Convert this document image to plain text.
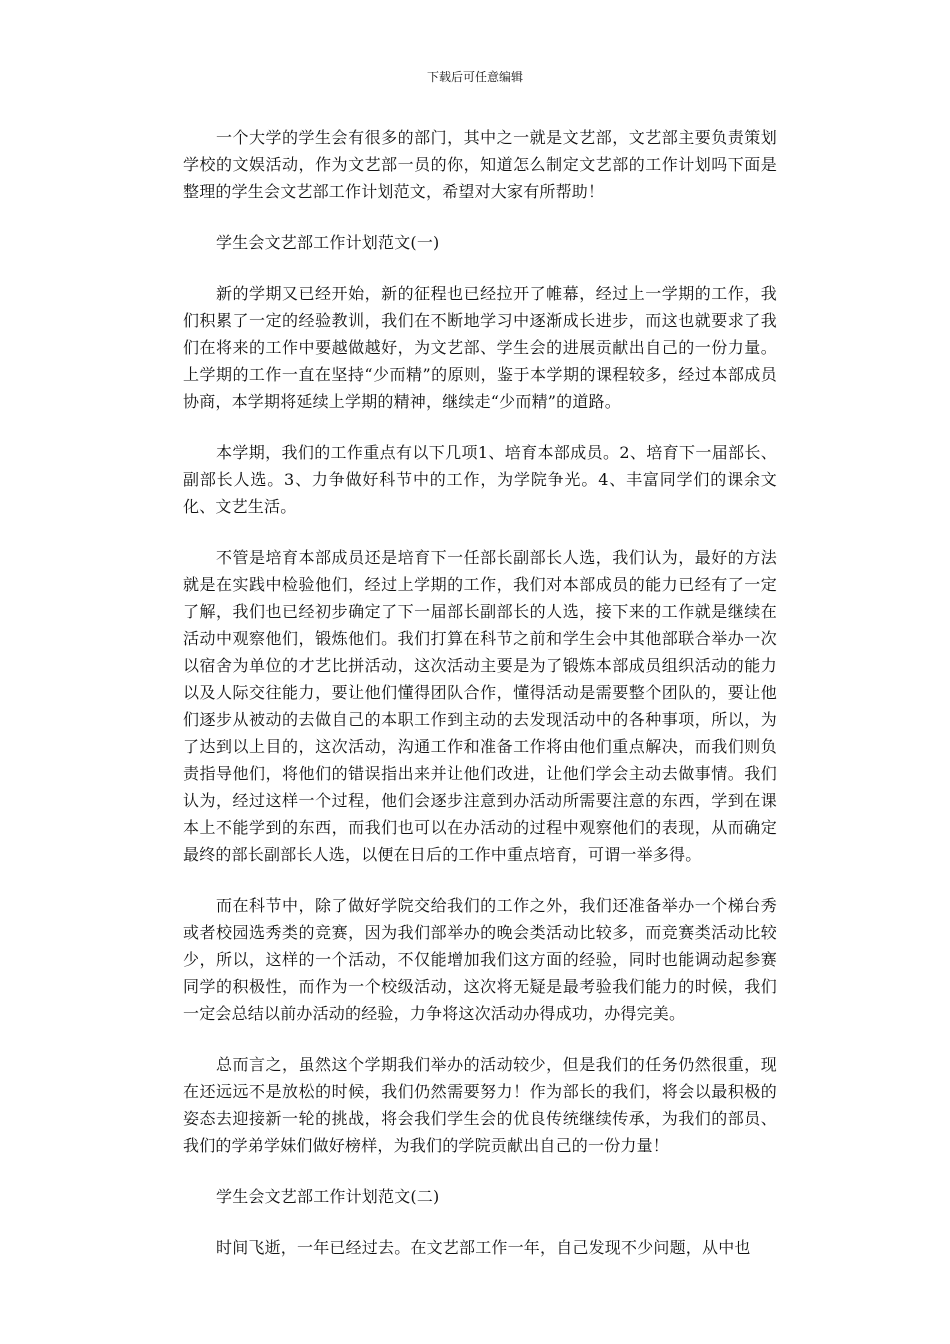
下载后可任意编辑

一个大学的学生会有很多的部门，其中之一就是文艺部，文艺部主要负责策划学校的文娱活动，作为文艺部一员的你，知道怎么制定文艺部的工作计划吗下面是整理的学生会文艺部工作计划范文，希望对大家有所帮助！

学生会文艺部工作计划范文(一)

新的学期又已经开始，新的征程也已经拉开了帷幕，经过上一学期的工作，我们积累了一定的经验教训，我们在不断地学习中逐渐成长进步，而这也就要求了我们在将来的工作中要越做越好，为文艺部、学生会的进展贡献出自己的一份力量。上学期的工作一直在坚持“少而精”的原则，鉴于本学期的课程较多，经过本部成员协商，本学期将延续上学期的精神，继续走“少而精”的道路。

本学期，我们的工作重点有以下几项1、培育本部成员。2、培育下一届部长、副部长人选。3、力争做好科节中的工作，为学院争光。4、丰富同学们的课余文化、文艺生活。

不管是培育本部成员还是培育下一任部长副部长人选，我们认为，最好的方法就是在实践中检验他们，经过上学期的工作，我们对本部成员的能力已经有了一定了解，我们也已经初步确定了下一届部长副部长的人选，接下来的工作就是继续在活动中观察他们，锻炼他们。我们打算在科节之前和学生会中其他部联合举办一次以宿舍为单位的才艺比拼活动，这次活动主要是为了锻炼本部成员组织活动的能力以及人际交往能力，要让他们懂得团队合作，懂得活动是需要整个团队的，要让他们逐步从被动的去做自己的本职工作到主动的去发现活动中的各种事项，所以，为了达到以上目的，这次活动，沟通工作和准备工作将由他们重点解决，而我们则负责指导他们，将他们的错误指出来并让他们改进，让他们学会主动去做事情。我们认为，经过这样一个过程，他们会逐步注意到办活动所需要注意的东西，学到在课本上不能学到的东西，而我们也可以在办活动的过程中观察他们的表现，从而确定最终的部长副部长人选，以便在日后的工作中重点培育，可谓一举多得。

而在科节中，除了做好学院交给我们的工作之外，我们还准备举办一个梯台秀或者校园选秀类的竞赛，因为我们部举办的晚会类活动比较多，而竞赛类活动比较少，所以，这样的一个活动，不仅能增加我们这方面的经验，同时也能调动起参赛同学的积极性，而作为一个校级活动，这次将无疑是最考验我们能力的时候，我们一定会总结以前办活动的经验，力争将这次活动办得成功，办得完美。

总而言之，虽然这个学期我们举办的活动较少，但是我们的任务仍然很重，现在还远远不是放松的时候，我们仍然需要努力！作为部长的我们，将会以最积极的姿态去迎接新一轮的挑战，将会我们学生会的优良传统继续传承，为我们的部员、我们的学弟学妹们做好榜样，为我们的学院贡献出自己的一份力量！

学生会文艺部工作计划范文(二)

时间飞逝，一年已经过去。在文艺部工作一年，自己发现不少问题，从中也
